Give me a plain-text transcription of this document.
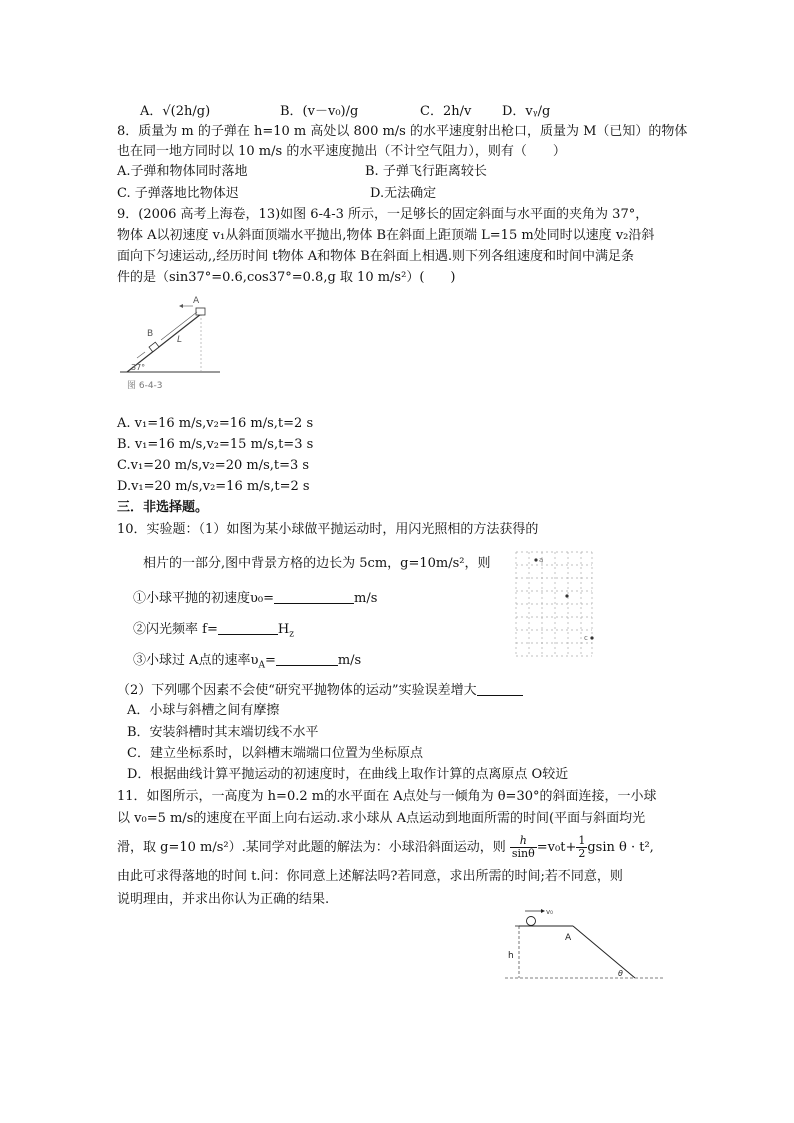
A．√(2h/g)	B．(v－v₀)/g	C．2h/v D．vᵧ/g
8．质量为 m 的子弹在 h=10 m 高处以 800 m/s 的水平速度射出枪口，质量为 M（已知）的物体
也在同一地方同时以 10 m/s 的水平速度抛出（不计空气阻力），则有（　　）
A.子弹和物体同时落地	B. 子弹飞行距离较长
C. 子弹落地比物体迟	D.无法确定
9．(2006 高考上海卷，13)如图 6-4-3 所示，一足够长的固定斜面与水平面的夹角为 37°，
物体 A以初速度 v₁从斜面顶端水平抛出,物体 B在斜面上距顶端 L=15 m处同时以速度 v₂沿斜
面向下匀速运动,,经历时间 t物体 A和物体 B在斜面上相遇.则下列各组速度和时间中满足条
件的是（sin37°=0.6,cos37°=0.8,g 取 10 m/s²）(　　)
A
B
L
37°
图 6-4-3
A. v₁=16 m/s,v₂=16 m/s,t=2 s
B. v₁=16 m/s,v₂=15 m/s,t=3 s
C.v₁=20 m/s,v₂=20 m/s,t=3 s
D.v₁=20 m/s,v₂=16 m/s,t=2 s
三．非选择题。
10．实验题：（1）如图为某小球做平抛运动时，用闪光照相的方法获得的
相片的一部分,图中背景方格的边长为 5cm，g=10m/s²，则
①小球平抛的初速度υ₀=	m/s
②闪光频率 f=	$H_z$
③小球过 A点的速率$\upsilon_A=$	m/s
a
c
（2）下列哪个因素不会使“研究平抛物体的运动”实验误差增大
A．小球与斜槽之间有摩擦
B．安装斜槽时其末端切线不水平
C．建立坐标系时，以斜槽末端端口位置为坐标原点
D．根据曲线计算平抛运动的初速度时，在曲线上取作计算的点离原点 O较近
11．如图所示，一高度为 h=0.2 m的水平面在 A点处与一倾角为 θ=30°的斜面连接，一小球
以 v₀=5 m/s的速度在平面上向右运动.求小球从 A点运动到地面所需的时间(平面与斜面均光
滑，取 g=10 m/s²）.某同学对此题的解法为：小球沿斜面运动，则 $\frac{h}{\sin\theta} =v_0t+ \frac{1}{2}$ gsin θ · t²,
由此可求得落地的时间 t.问：你同意上述解法吗?若同意，求出所需的时间;若不同意，则
说明理由，并求出你认为正确的结果.
v₀
A
h
θ
